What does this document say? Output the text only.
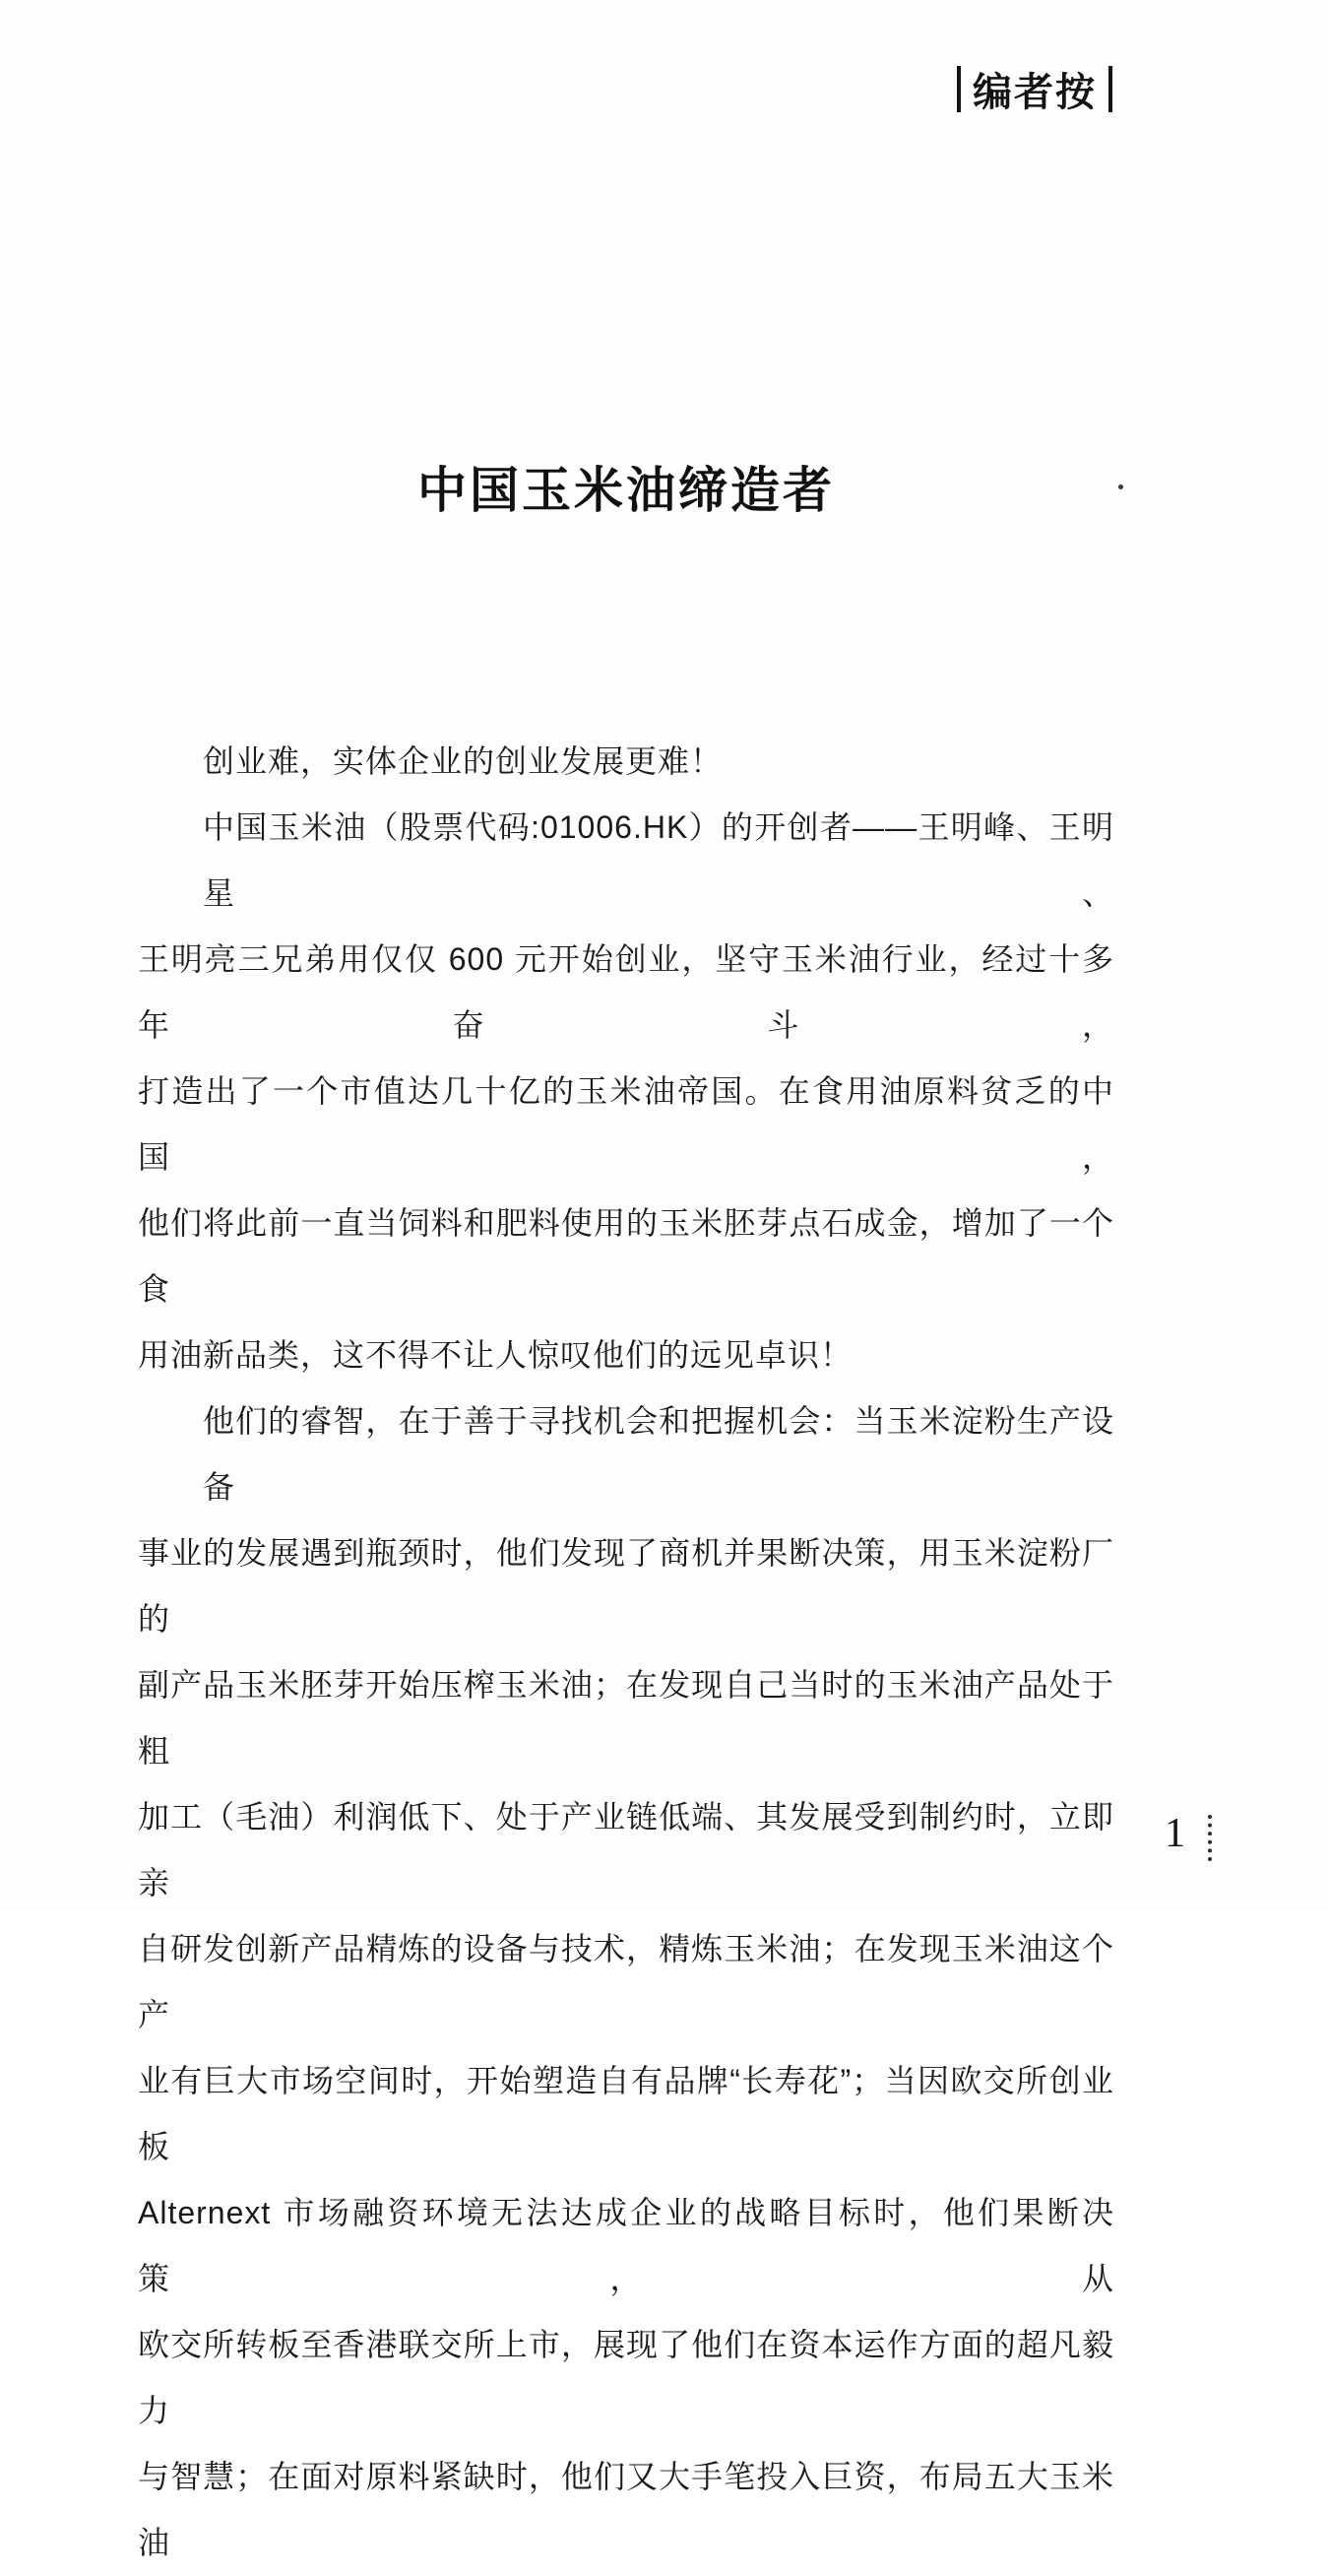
编者按
中国玉米油缔造者
创业难，实体企业的创业发展更难！
中国玉米油（股票代码:01006.HK）的开创者——王明峰、王明星、
王明亮三兄弟用仅仅 600 元开始创业，坚守玉米油行业，经过十多年奋斗，
打造出了一个市值达几十亿的玉米油帝国。在食用油原料贫乏的中国，
他们将此前一直当饲料和肥料使用的玉米胚芽点石成金，增加了一个食
用油新品类，这不得不让人惊叹他们的远见卓识！
他们的睿智，在于善于寻找机会和把握机会：当玉米淀粉生产设备
事业的发展遇到瓶颈时，他们发现了商机并果断决策，用玉米淀粉厂的
副产品玉米胚芽开始压榨玉米油；在发现自己当时的玉米油产品处于粗
加工（毛油）利润低下、处于产业链低端、其发展受到制约时，立即亲
自研发创新产品精炼的设备与技术，精炼玉米油；在发现玉米油这个产
业有巨大市场空间时，开始塑造自有品牌“长寿花”；当因欧交所创业板
Alternext 市场融资环境无法达成企业的战略目标时，他们果断决策，从
欧交所转板至香港联交所上市，展现了他们在资本运作方面的超凡毅力
与智慧；在面对原料紧缺时，他们又大手笔投入巨资，布局五大玉米油
1
